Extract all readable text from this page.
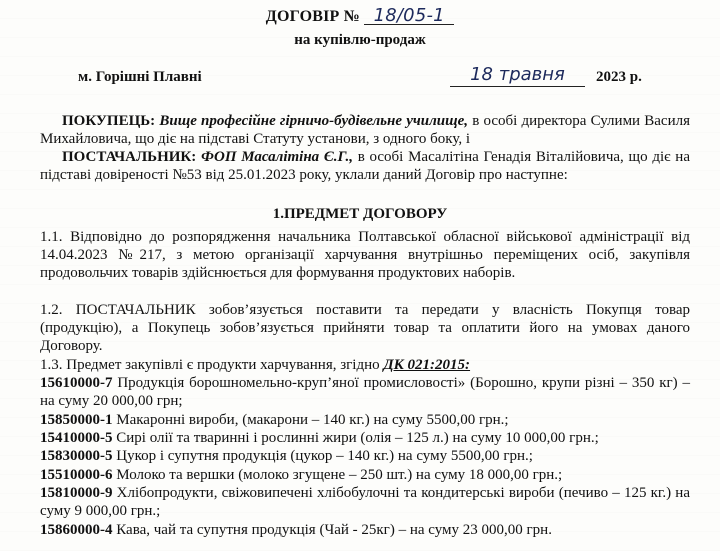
ДОГОВІР № 18/05-1
на купівлю-продаж
м. Горішні Плавні	18 травня	2023 р.
ПОКУПЕЦЬ: Вище професійне гірничо-будівельне училище, в особі директора Сулими Василя Михайловича, що діє на підставі Статуту установи, з одного боку, і
ПОСТАЧАЛЬНИК: ФОП Масалітіна Є.Г., в особі Масалітіна Генадія Віталійовича, що діє на підставі довіреності №53 від 25.01.2023 року, уклали даний Договір про наступне:
1.ПРЕДМЕТ ДОГОВОРУ
1.1. Відповідно до розпорядження начальника Полтавської обласної військової адміністрації від 14.04.2023 №217, з метою організації харчування внутрішньо переміщених осіб, закупівля продовольчих товарів здійснюється для формування продуктових наборів.
1.2. ПОСТАЧАЛЬНИК зобов’язується поставити та передати у власність Покупця товар (продукцію), а Покупець зобов’язується прийняти товар та оплатити його на умовах даного Договору.
1.3. Предмет закупівлі є продукти харчування, згідно ДК 021:2015:
15610000-7 Продукція борошномельно-круп’яної промисловості» (Борошно, крупи різні – 350 кг) – на суму 20 000,00 грн;
15850000-1 Макаронні вироби, (макарони – 140 кг.) на суму 5500,00 грн.;
15410000-5 Сирі олії та тваринні і рослинні жири (олія – 125 л.) на суму 10 000,00 грн.;
15830000-5 Цукор і супутня продукція (цукор – 140 кг.) на суму 5500,00 грн.;
15510000-6 Молоко та вершки (молоко згущене – 250 шт.) на суму 18 000,00 грн.;
15810000-9 Хлібопродукти, свіжовипечені хлібобулочні та кондитерські вироби (печиво – 125 кг.) на суму 9 000,00 грн.;
15860000-4 Кава, чай та супутня продукція (Чай - 25кг) – на суму 23 000,00 грн.
